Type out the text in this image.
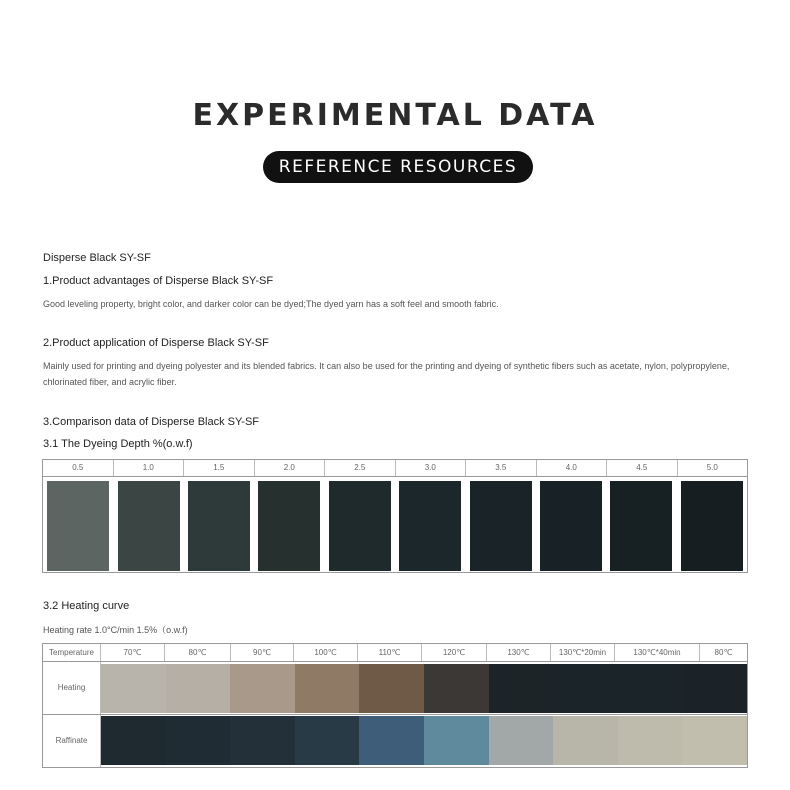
EXPERIMENTAL DATA
REFERENCE RESOURCES
Disperse Black SY-SF
1.Product advantages of Disperse Black SY-SF
Good leveling property, bright color, and darker color can be dyed;The dyed yarn has a soft feel and smooth fabric.
2.Product application of Disperse Black SY-SF
Mainly used for printing and dyeing polyester and its blended fabrics. It can also be used for the printing and dyeing of synthetic fibers such as acetate, nylon, polypropylene, chlorinated fiber, and acrylic fiber.
3.Comparison data of Disperse Black SY-SF
3.1 The Dyeing Depth %(o.w.f)
0.5	1.0	1.5	2.0	2.5	3.0	3.5	4.0	4.5	5.0
3.2 Heating curve
Heating rate 1.0°C/min 1.5%（o.w.f)
Temperature	70℃	80℃	90℃	100℃	110℃	120℃	130℃	130℃*20min	130℃*40min	80℃
Heating
Raffinate
